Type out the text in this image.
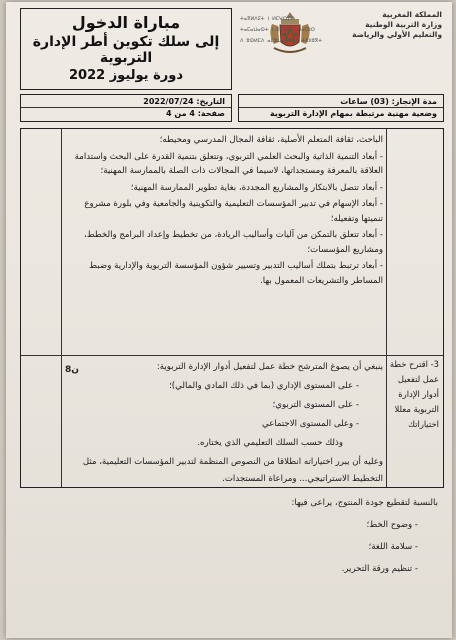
المملكة المغربية
وزارة التربية الوطنية
والتعليم الأولي والرياضة
ⵜⴰⴳⵍⴷⵉⵜ ⵏ ⵍⵎⵖⵔⵉⴱ
ⵜⴰⵎⴰⵡⴰⵙⵜ ⵏ ⵓⵙⴳⵎⵉ ⴰⵏⴰⵎⵓⵔ
ⴷ ⵓⵙⵍⵎⴷ ⴰⵎⵣⵡⴰⵔⵓ ⴷ ⵜⵓⵏⵏⵓⴳⵜ
مباراة الدخول
إلى سلك تكوين أطر الإدارة التربوية
دورة يوليوز 2022
التاريخ: 2022/07/24
صفحة: 4 من 4
مدة الإنجاز: (03) ساعات
وضعية مهنية مرتبطة بمهام الإدارة التربوية

الباحث، ثقافة المتعلم الأصلية، ثقافة المجال المدرسي ومحيطه؛

- أبعاد التنمية الذاتية والبحث العلمي التربوي، وتتعلق بتنمية القدرة على البحث واستدامة العلاقة بالمعرفة ومستجداتها، لاسيما في المجالات ذات الصلة بالممارسة المهنية؛

- أبعاد تتصل بالابتكار والمشاريع المجددة، بغاية تطوير الممارسة المهنية؛

- أبعاد الإسهام في تدبير المؤسسات التعليمية والتكوينية والجامعية وفي بلورة مشروع تنميتها وتفعيله؛

- أبعاد تتعلق بالتمكن من آليات وأساليب الريادة، من تخطيط وإعداد البرامج والخطط، ومشاريع المؤسسات؛

- أبعاد ترتبط بتملك أساليب التدبير وتسيير شؤون المؤسسة التربوية والإدارية وضبط المساطر والتشريعات المعمول بها.

3- اقترح خطة عمل لتفعيل أدوار الإدارة التربوية معللا اختياراتك
8ن	ينبغي أن يصوغ المترشح خطة عمل لتفعيل أدوار الإدارة التربوية:

- على المستوى الإداري (بما في ذلك المادي والمالي)؛

- على المستوى التربوي؛

- وعلى المستوى الاجتماعي

وذلك حسب السلك التعليمي الذي يختاره.

وعليه أن يبرر اختياراته انطلاقا من النصوص المنظمة لتدبير المؤسسات التعليمية، مثل التخطيط الاستراتيجي... ومراعاة المستجدات.

بالنسبة لتقطيع جودة المنتوج، يراعى فيها:

- وضوح الخط؛

- سلامة اللغة؛

- تنظيم ورقة التحرير.
